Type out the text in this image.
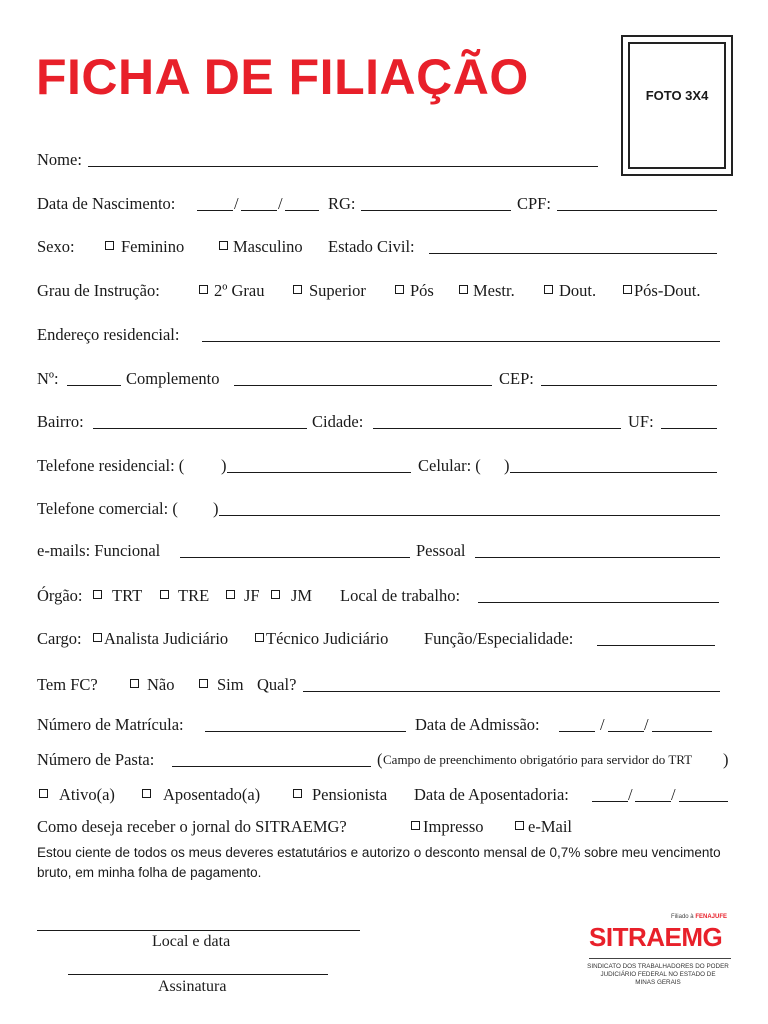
FICHA DE FILIAÇÃO	FOTO 3X4
Nome:
Data de Nascimento:	/ /	RG:	CPF:
Sexo:	Feminino	Masculino Estado Civil:
Grau de Instrução:	2º Grau	Superior	Pós Mestr.	Dout. Pós-Dout.
Endereço residencial:
Nº:	Complemento	CEP:
Bairro:	Cidade:	UF:
Telefone residencial: ( )	Celular: ( )
Telefone comercial: ( )
e-mails: Funcional	Pessoal
Órgão: TRT TRE JF JM Local de trabalho:
Cargo: Analista Judiciário Técnico Judiciário Função/Especialidade:
Tem FC?	Não	Sim Qual?
Número de Matrícula:	Data de Admissão:	/ /
Número de Pasta:	( Campo de preenchimento obrigatório para servidor do TRT )
Ativo(a)	Aposentado(a)	Pensionista Data de Aposentadoria:	/ /
Como deseja receber o jornal do SITRAEMG?	Impresso	e-Mail
Estou ciente de todos os meus deveres estatutários e autorizo o desconto mensal de 0,7% sobre meu vencimento bruto, em minha folha de pagamento.
Local e data
Assinatura
Filiado à FENAJUFE
SITRAEMG
SINDICATO DOS TRABALHADORES DO PODER
JUDICIÁRIO FEDERAL NO ESTADO DE
MINAS GERAIS
